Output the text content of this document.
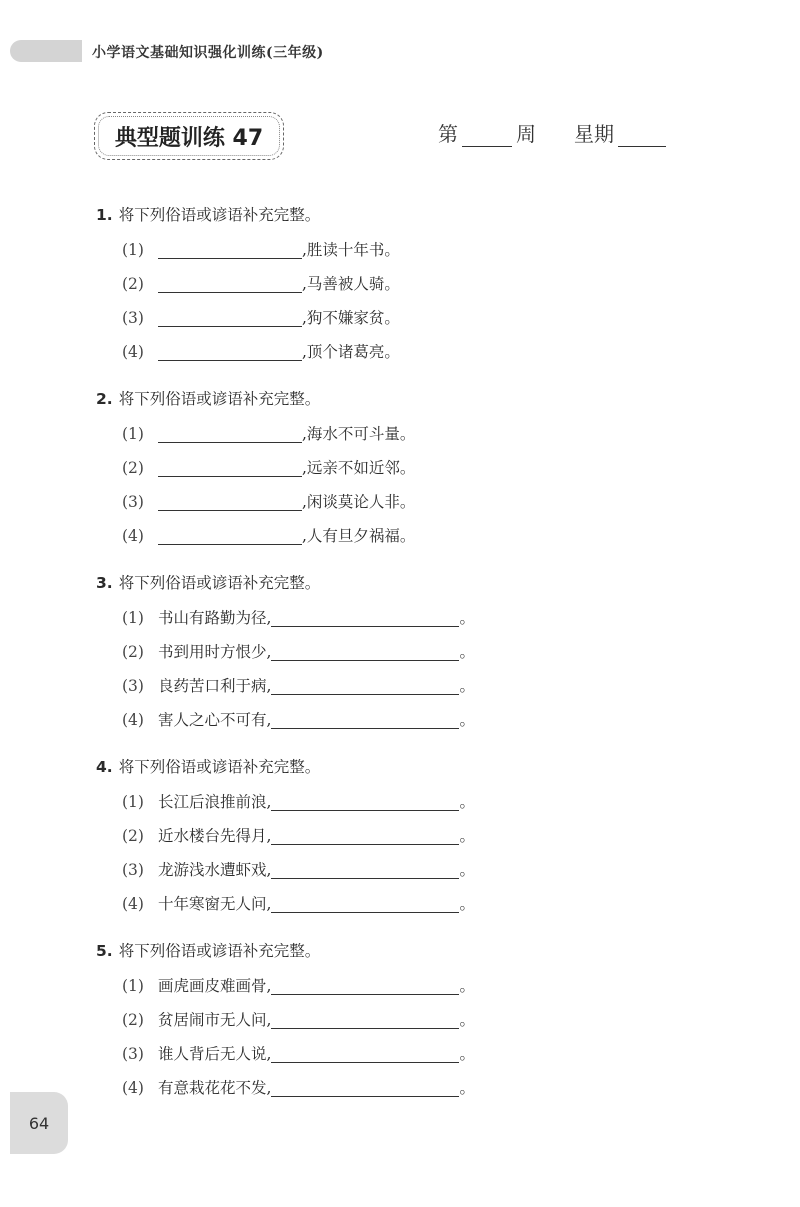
小学语文基础知识强化训练(三年级)
典型题训练 47	第	周 星期
1. 将下列俗语或谚语补充完整。
(1)	,胜读十年书。
(2)	,马善被人骑。
(3)	,狗不嫌家贫。
(4)	,顶个诸葛亮。
2. 将下列俗语或谚语补充完整。
(1)	,海水不可斗量。
(2)	,远亲不如近邻。
(3)	,闲谈莫论人非。
(4)	,人有旦夕祸福。
3. 将下列俗语或谚语补充完整。
(1) 书山有路勤为径,	。
(2) 书到用时方恨少,	。
(3) 良药苦口利于病,	。
(4) 害人之心不可有,	。
4. 将下列俗语或谚语补充完整。
(1) 长江后浪推前浪,	。
(2) 近水楼台先得月,	。
(3) 龙游浅水遭虾戏,	。
(4) 十年寒窗无人问,	。
5. 将下列俗语或谚语补充完整。
(1) 画虎画皮难画骨,	。
(2) 贫居闹市无人问,	。
(3) 谁人背后无人说,	。
(4) 有意栽花花不发,	。
64
